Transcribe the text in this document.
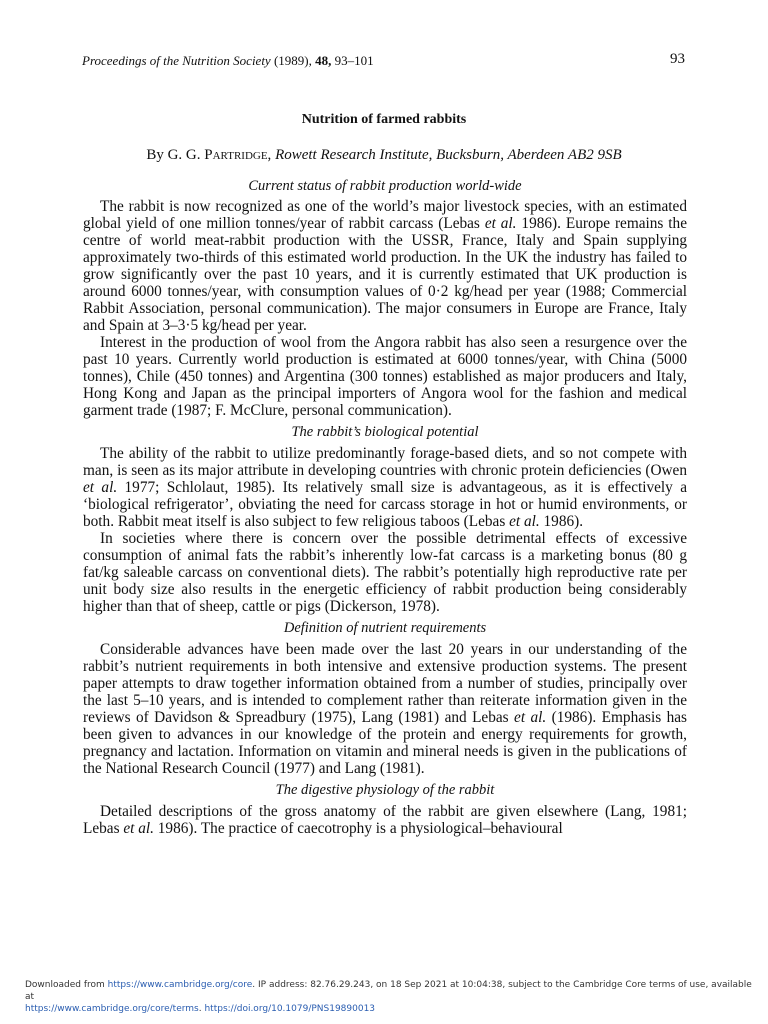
Proceedings of the Nutrition Society (1989), 48, 93–101	93
Nutrition of farmed rabbits
By G. G. Partridge, Rowett Research Institute, Bucksburn, Aberdeen AB2 9SB
Current status of rabbit production world-wide

The rabbit is now recognized as one of the world’s major livestock species, with an estimated global yield of one million tonnes/year of rabbit carcass (Lebas et al. 1986). Europe remains the centre of world meat-rabbit production with the USSR, France, Italy and Spain supplying approximately two-thirds of this estimated world production. In the UK the industry has failed to grow significantly over the past 10 years, and it is currently estimated that UK production is around 6000 tonnes/year, with consumption values of 0·2 kg/head per year (1988; Commercial Rabbit Association, personal communication). The major consumers in Europe are France, Italy and Spain at 3–3·5 kg/head per year.

Interest in the production of wool from the Angora rabbit has also seen a resurgence over the past 10 years. Currently world production is estimated at 6000 tonnes/year, with China (5000 tonnes), Chile (450 tonnes) and Argentina (300 tonnes) established as major producers and Italy, Hong Kong and Japan as the principal importers of Angora wool for the fashion and medical garment trade (1987; F. McClure, personal communication).

The rabbit’s biological potential

The ability of the rabbit to utilize predominantly forage-based diets, and so not compete with man, is seen as its major attribute in developing countries with chronic protein deficiencies (Owen et al. 1977; Schlolaut, 1985). Its relatively small size is advantageous, as it is effectively a ‘biological refrigerator’, obviating the need for carcass storage in hot or humid environments, or both. Rabbit meat itself is also subject to few religious taboos (Lebas et al. 1986).

In societies where there is concern over the possible detrimental effects of excessive consumption of animal fats the rabbit’s inherently low-fat carcass is a marketing bonus (80 g fat/kg saleable carcass on conventional diets). The rabbit’s potentially high reproductive rate per unit body size also results in the energetic efficiency of rabbit production being considerably higher than that of sheep, cattle or pigs (Dickerson, 1978).

Definition of nutrient requirements

Considerable advances have been made over the last 20 years in our understanding of the rabbit’s nutrient requirements in both intensive and extensive production systems. The present paper attempts to draw together information obtained from a number of studies, principally over the last 5–10 years, and is intended to complement rather than reiterate information given in the reviews of Davidson & Spreadbury (1975), Lang (1981) and Lebas et al. (1986). Emphasis has been given to advances in our knowledge of the protein and energy requirements for growth, pregnancy and lactation. Information on vitamin and mineral needs is given in the publications of the National Research Council (1977) and Lang (1981).

The digestive physiology of the rabbit

Detailed descriptions of the gross anatomy of the rabbit are given elsewhere (Lang, 1981; Lebas et al. 1986). The practice of caecotrophy is a physiological–behavioural

Downloaded from https://www.cambridge.org/core. IP address: 82.76.29.243, on 18 Sep 2021 at 10:04:38, subject to the Cambridge Core terms of use, available at
https://www.cambridge.org/core/terms. https://doi.org/10.1079/PNS19890013
